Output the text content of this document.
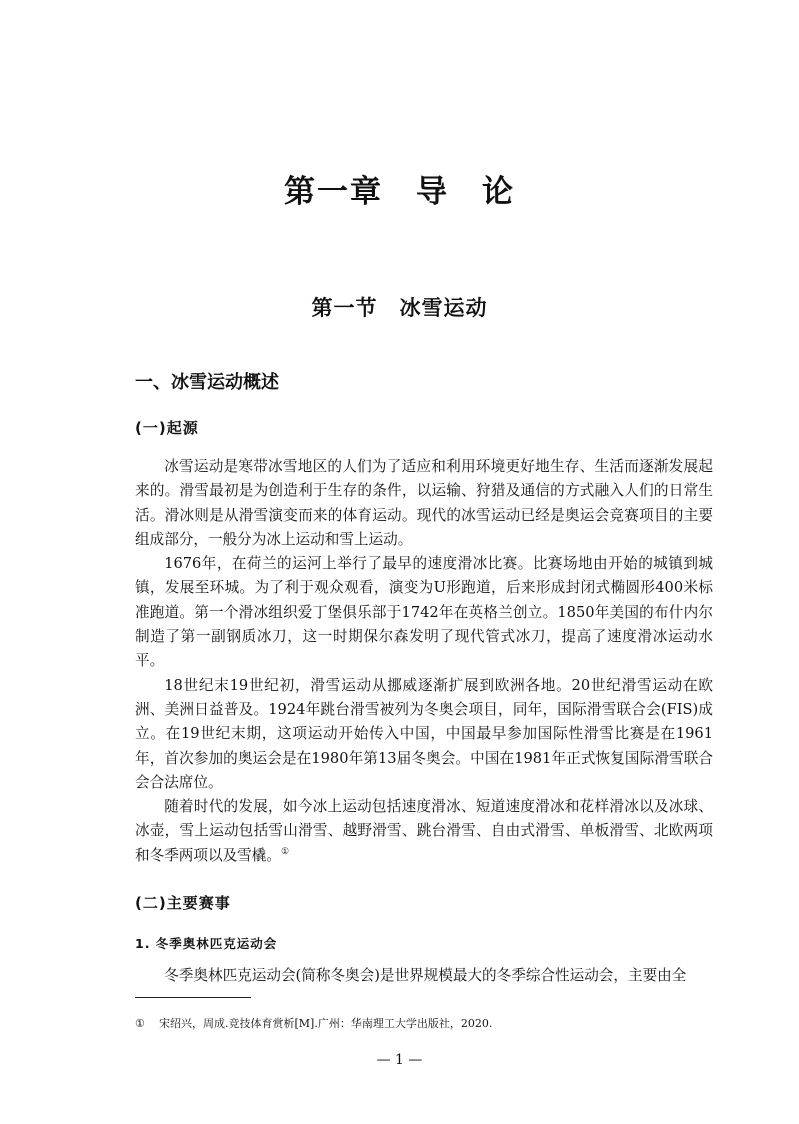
第一章　导　论
第一节　冰雪运动
一、冰雪运动概述
(一)起源

冰雪运动是寒带冰雪地区的人们为了适应和利用环境更好地生存、生活而逐渐发展起来的。滑雪最初是为创造利于生存的条件，以运输、狩猎及通信的方式融入人们的日常生活。滑冰则是从滑雪演变而来的体育运动。现代的冰雪运动已经是奥运会竞赛项目的主要组成部分，一般分为冰上运动和雪上运动。

1676年，在荷兰的运河上举行了最早的速度滑冰比赛。比赛场地由开始的城镇到城镇，发展至环城。为了利于观众观看，演变为U形跑道，后来形成封闭式椭圆形400米标准跑道。第一个滑冰组织爱丁堡俱乐部于1742年在英格兰创立。1850年美国的布什内尔制造了第一副钢质冰刀，这一时期保尔森发明了现代管式冰刀，提高了速度滑冰运动水平。

18世纪末19世纪初，滑雪运动从挪威逐渐扩展到欧洲各地。20世纪滑雪运动在欧洲、美洲日益普及。1924年跳台滑雪被列为冬奥会项目，同年，国际滑雪联合会(FIS)成立。在19世纪末期，这项运动开始传入中国，中国最早参加国际性滑雪比赛是在1961年，首次参加的奥运会是在1980年第13届冬奥会。中国在1981年正式恢复国际滑雪联合会合法席位。

随着时代的发展，如今冰上运动包括速度滑冰、短道速度滑冰和花样滑冰以及冰球、冰壶，雪上运动包括雪山滑雪、越野滑雪、跳台滑雪、自由式滑雪、单板滑雪、北欧两项和冬季两项以及雪橇。①

(二)主要赛事
1. 冬季奥林匹克运动会

冬季奥林匹克运动会(简称冬奥会)是世界规模最大的冬季综合性运动会，主要由全

① 宋绍兴，周成.竞技体育赏析[M].广州：华南理工大学出版社，2020.

— 1 —
